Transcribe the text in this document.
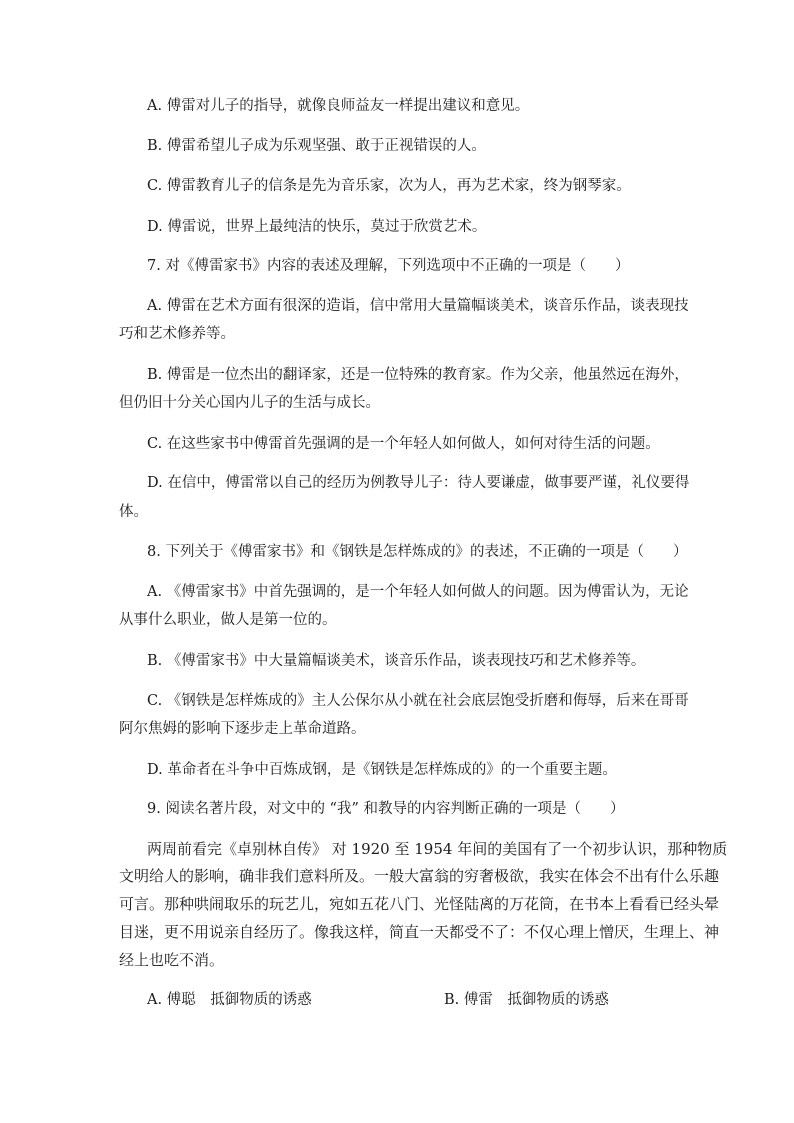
A. 傅雷对儿子的指导，就像良师益友一样提出建议和意见。

B. 傅雷希望儿子成为乐观坚强、敢于正视错误的人。

C. 傅雷教育儿子的信条是先为音乐家，次为人，再为艺术家，终为钢琴家。

D. 傅雷说，世界上最纯洁的快乐，莫过于欣赏艺术。

7. 对《傅雷家书》内容的表述及理解，下列选项中不正确的一项是（　　）

A. 傅雷在艺术方面有很深的造诣，信中常用大量篇幅谈美术，谈音乐作品，谈表现技

巧和艺术修养等。

B. 傅雷是一位杰出的翻译家，还是一位特殊的教育家。作为父亲，他虽然远在海外，

但仍旧十分关心国内儿子的生活与成长。

C. 在这些家书中傅雷首先强调的是一个年轻人如何做人，如何对待生活的问题。

D. 在信中，傅雷常以自己的经历为例教导儿子：待人要谦虚，做事要严谨，礼仪要得

体。

8. 下列关于《傅雷家书》和《钢铁是怎样炼成的》的表述，不正确的一项是（　　）

A. 《傅雷家书》中首先强调的，是一个年轻人如何做人的问题。因为傅雷认为，无论

从事什么职业，做人是第一位的。

B. 《傅雷家书》中大量篇幅谈美术，谈音乐作品，谈表现技巧和艺术修养等。

C. 《钢铁是怎样炼成的》主人公保尔从小就在社会底层饱受折磨和侮辱，后来在哥哥

阿尔焦姆的影响下逐步走上革命道路。

D. 革命者在斗争中百炼成钢，是《钢铁是怎样炼成的》的一个重要主题。

9. 阅读名著片段，对文中的 “我” 和教导的内容判断正确的一项是（　　）

两周前看完《卓别林自传》 对 1920 至 1954 年间的美国有了一个初步认识，那种物质

文明给人的影响，确非我们意料所及。一般大富翁的穷奢极欲，我实在体会不出有什么乐趣

可言。那种哄闹取乐的玩艺儿，宛如五花八门、光怪陆离的万花筒，在书本上看看已经头晕

目迷，更不用说亲自经历了。像我这样，简直一天都受不了：不仅心理上憎厌，生理上、神

经上也吃不消。

A. 傅聪　抵御物质的诱惑	B. 傅雷　抵御物质的诱惑
